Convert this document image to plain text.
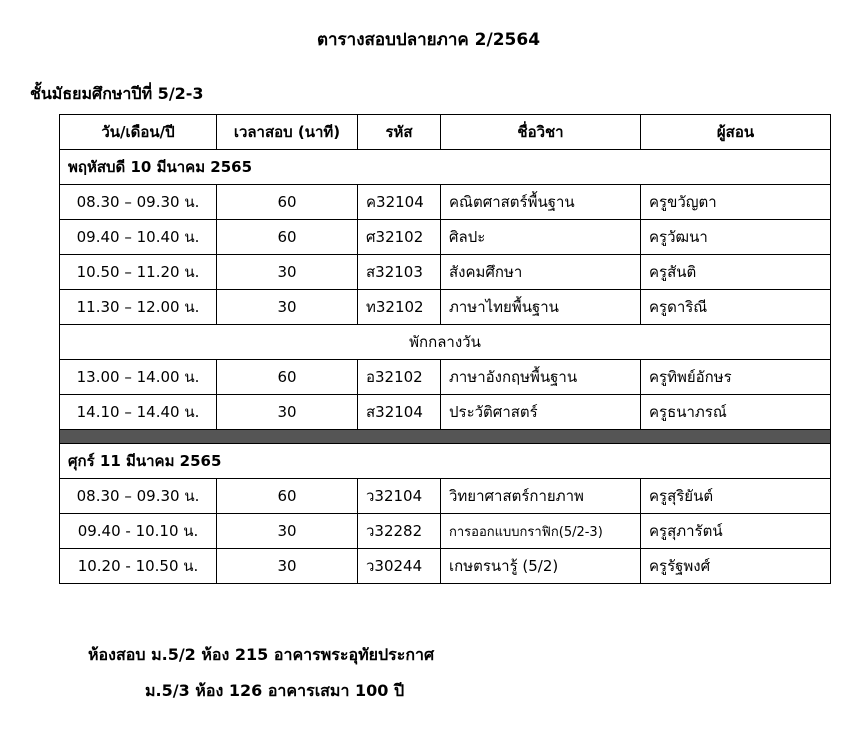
ตารางสอบปลายภาค 2/2564
ชั้นมัธยมศึกษาปีที่ 5/2-3
วัน/เดือน/ปี	เวลาสอบ (นาที)	รหัส	ชื่อวิชา	ผู้สอน
พฤหัสบดี 10 มีนาคม 2565				
08.30 – 09.30 น.	60	ค32104	คณิตศาสตร์พื้นฐาน	ครูขวัญตา
09.40 – 10.40 น.	60	ศ32102	ศิลปะ	ครูวัฒนา
10.50 – 11.20 น.	30	ส32103	สังคมศึกษา	ครูสันติ
11.30 – 12.00 น.	30	ท32102	ภาษาไทยพื้นฐาน	ครูดาริณี
พักกลางวัน				
13.00 – 14.00 น.	60	อ32102	ภาษาอังกฤษพื้นฐาน	ครูทิพย์อักษร
14.10 – 14.40 น.	30	ส32104	ประวัติศาสตร์	ครูธนาภรณ์

ศุกร์ 11 มีนาคม 2565				
08.30 – 09.30 น.	60	ว32104	วิทยาศาสตร์กายภาพ	ครูสุริยันต์
09.40 - 10.10 น.	30	ว32282	การออกแบบกราฟิก(5/2-3)	ครูสุภารัตน์
10.20 - 10.50 น.	30	ว30244	เกษตรนารู้ (5/2)	ครูรัฐพงศ์
ห้องสอบ ม.5/2 ห้อง 215 อาคารพระอุทัยประกาศ
ม.5/3 ห้อง 126 อาคารเสมา 100 ปี
